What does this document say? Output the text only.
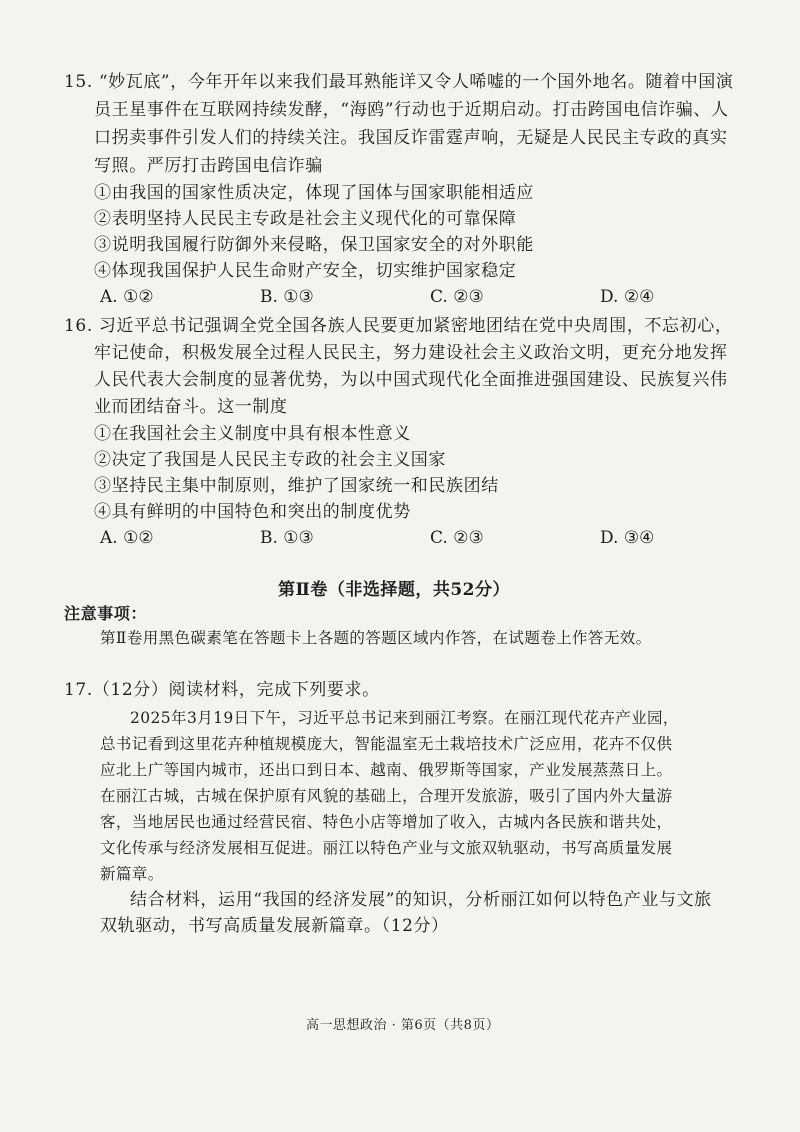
15. “妙瓦底”，今年开年以来我们最耳熟能详又令人唏嘘的一个国外地名。随着中国演
员王星事件在互联网持续发酵，“海鸥”行动也于近期启动。打击跨国电信诈骗、人
口拐卖事件引发人们的持续关注。我国反诈雷霆声响，无疑是人民民主专政的真实
写照。严厉打击跨国电信诈骗
①由我国的国家性质决定，体现了国体与国家职能相适应
②表明坚持人民民主专政是社会主义现代化的可靠保障
③说明我国履行防御外来侵略，保卫国家安全的对外职能
④体现我国保护人民生命财产安全，切实维护国家稳定
A. ①②	B. ①③	C. ②③	D. ②④
16. 习近平总书记强调全党全国各族人民要更加紧密地团结在党中央周围，不忘初心，
牢记使命，积极发展全过程人民民主，努力建设社会主义政治文明，更充分地发挥
人民代表大会制度的显著优势，为以中国式现代化全面推进强国建设、民族复兴伟
业而团结奋斗。这一制度
①在我国社会主义制度中具有根本性意义
②决定了我国是人民民主专政的社会主义国家
③坚持民主集中制原则，维护了国家统一和民族团结
④具有鲜明的中国特色和突出的制度优势
A. ①②	B. ①③	C. ②③	D. ③④
第Ⅱ卷（非选择题，共52分）
注意事项：
第Ⅱ卷用黑色碳素笔在答题卡上各题的答题区域内作答，在试题卷上作答无效。
17.（12分）阅读材料，完成下列要求。
2025年3月19日下午，习近平总书记来到丽江考察。在丽江现代花卉产业园，
总书记看到这里花卉种植规模庞大，智能温室无土栽培技术广泛应用，花卉不仅供
应北上广等国内城市，还出口到日本、越南、俄罗斯等国家，产业发展蒸蒸日上。
在丽江古城，古城在保护原有风貌的基础上，合理开发旅游，吸引了国内外大量游
客，当地居民也通过经营民宿、特色小店等增加了收入，古城内各民族和谐共处，
文化传承与经济发展相互促进。丽江以特色产业与文旅双轨驱动，书写高质量发展
新篇章。
结合材料，运用“我国的经济发展”的知识，分析丽江如何以特色产业与文旅
双轨驱动，书写高质量发展新篇章。（12分）
高一思想政治 · 第6页（共8页）
